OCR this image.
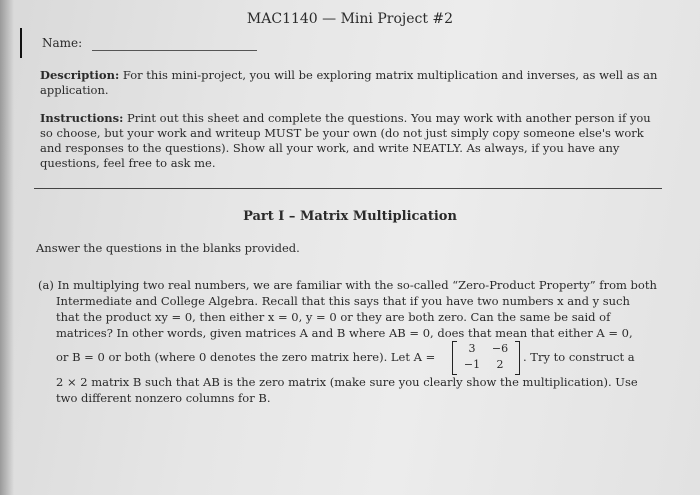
MAC1140 — Mini Project #2
Name:
Description: For this mini-project, you will be exploring matrix multiplication and inverses, as well as an application.
Instructions: Print out this sheet and complete the questions. You may work with another person if you so choose, but your work and writeup MUST be your own (do not just simply copy someone else's work and responses to the questions). Show all your work, and write NEATLY. As always, if you have any questions, feel free to ask me.
Part I – Matrix Multiplication
Answer the questions in the blanks provided.
(a) In multiplying two real numbers, we are familiar with the so-called “Zero-Product Property” from both
Intermediate and College Algebra. Recall that this says that if you have two numbers x and y such
that the product xy = 0, then either x = 0, y = 0 or they are both zero. Can the same be said of
matrices? In other words, given matrices A and B where AB = 0, does that mean that either A = 0,
or B = 0 or both (where 0 denotes the zero matrix here). Let A =
3	−6
−1	2
. Try to construct a
2 × 2 matrix B such that AB is the zero matrix (make sure you clearly show the multiplication). Use
two different nonzero columns for B.
